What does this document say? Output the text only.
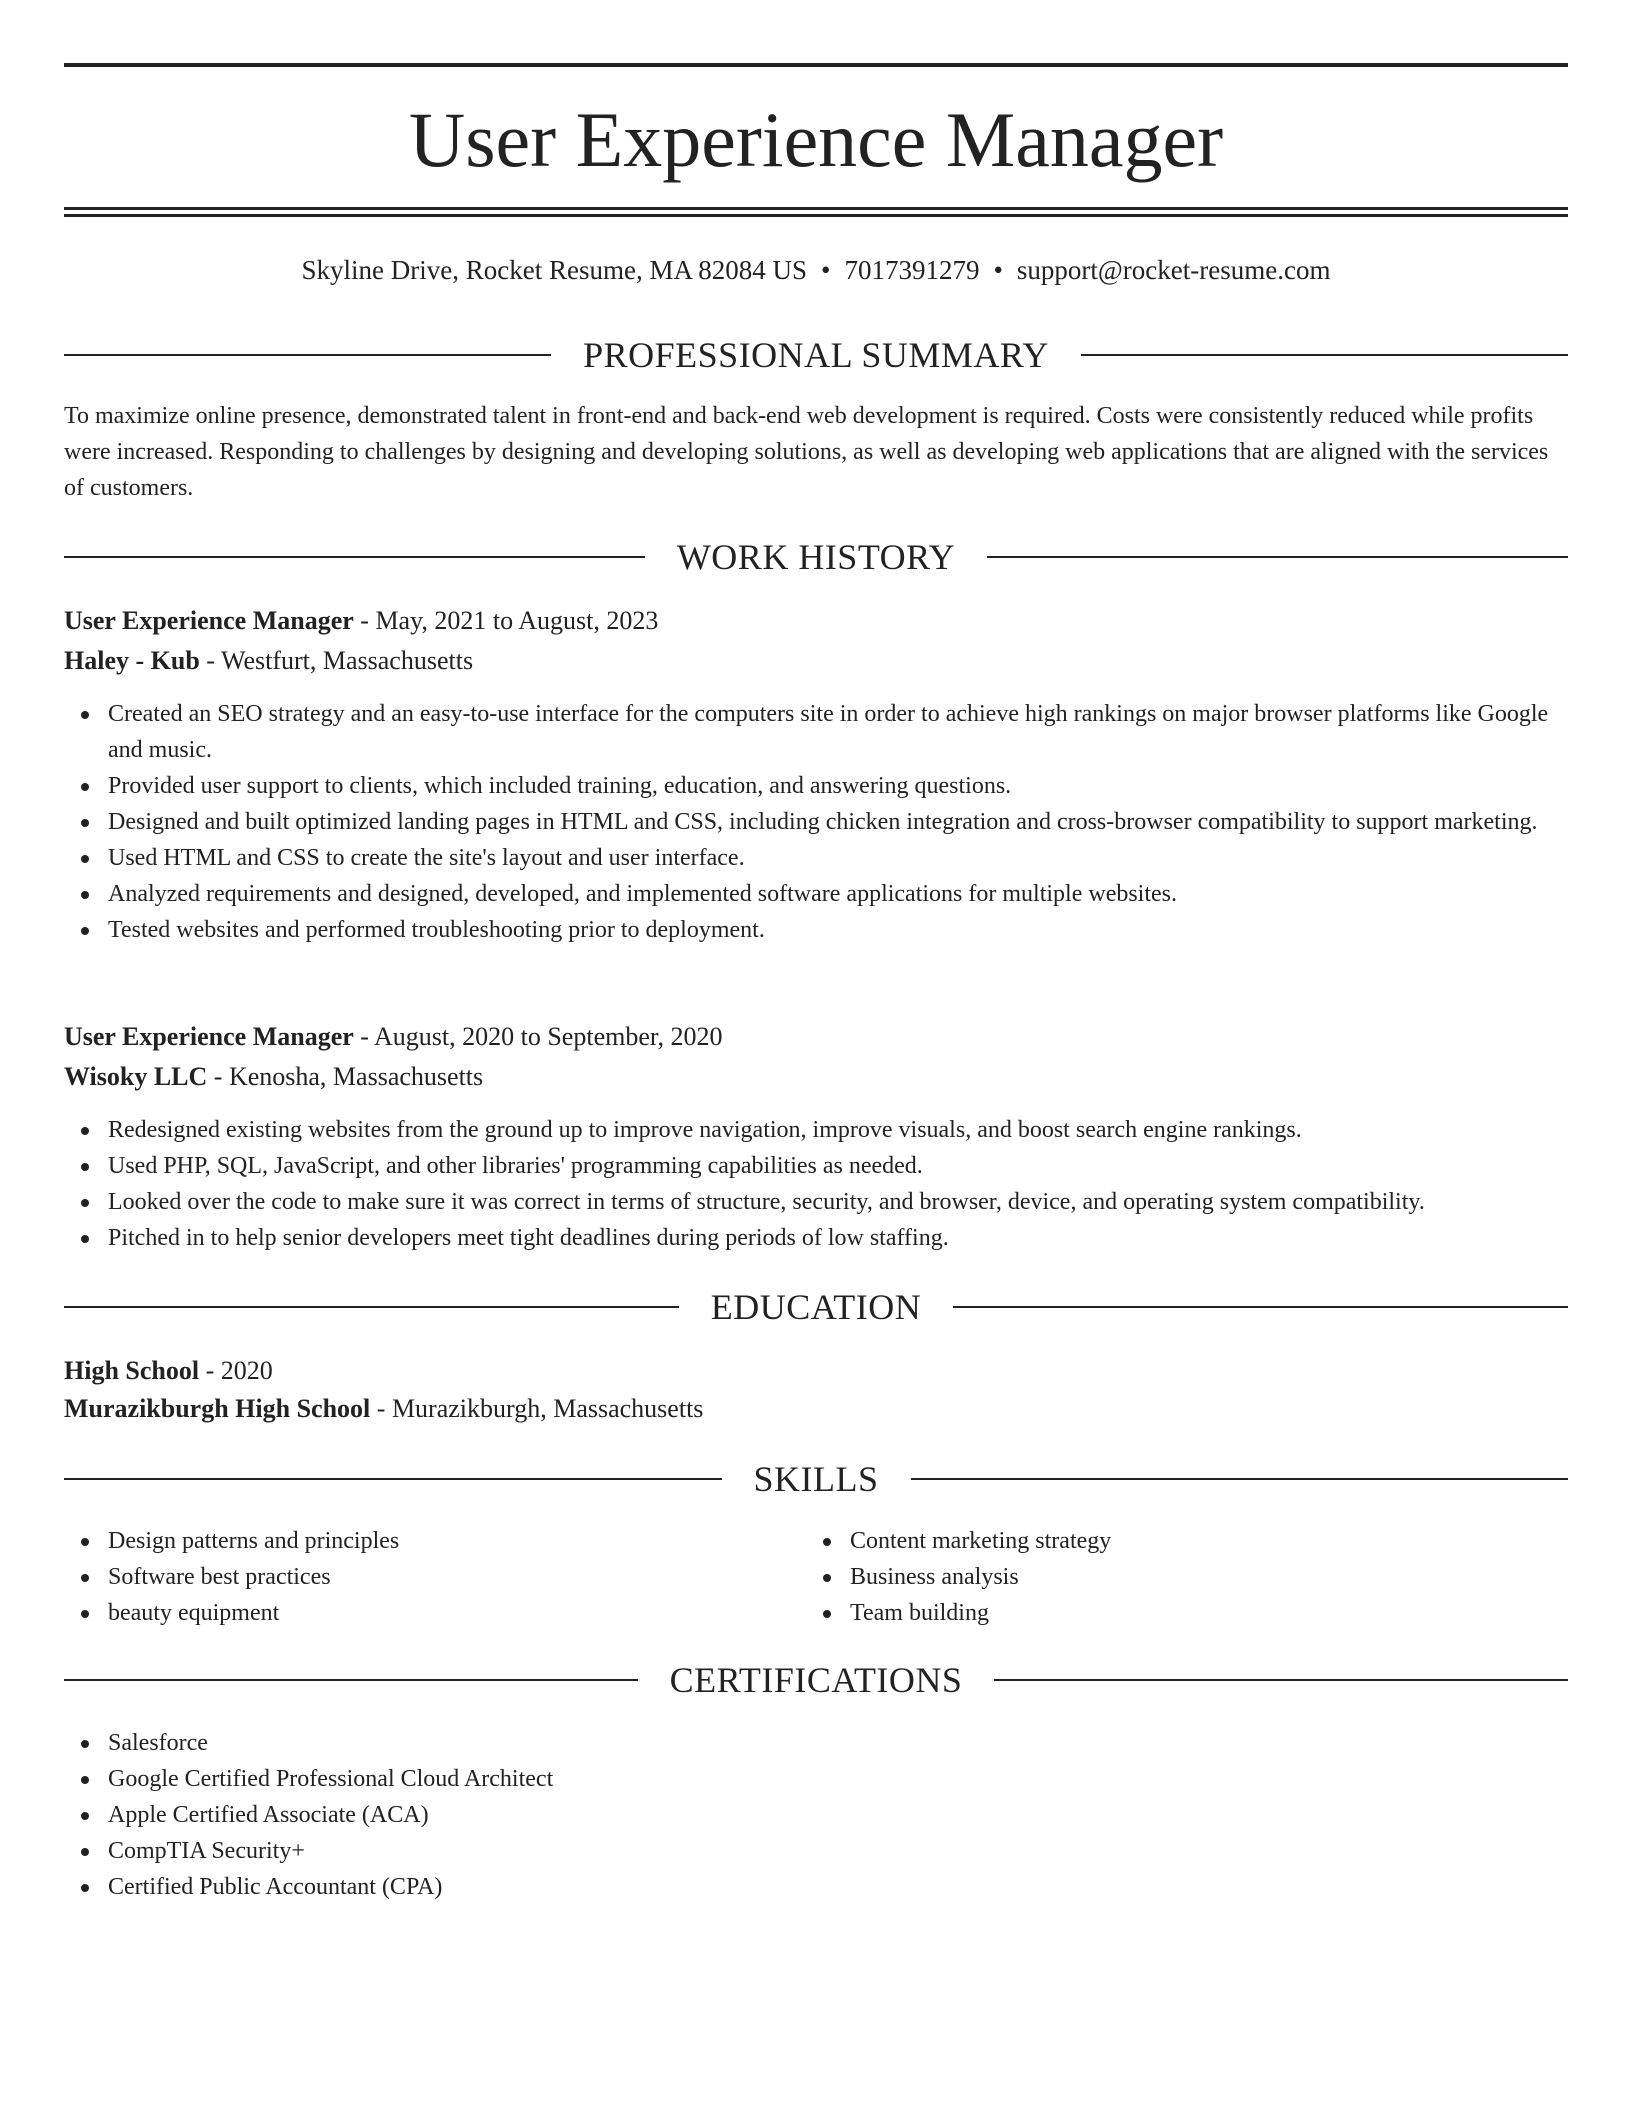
User Experience Manager
Skyline Drive, Rocket Resume, MA 82084 US • 7017391279 • support@rocket-resume.com
PROFESSIONAL SUMMARY

To maximize online presence, demonstrated talent in front-end and back-end web development is required. Costs were consistently reduced while profits were increased. Responding to challenges by designing and developing solutions, as well as developing web applications that are aligned with the services of customers.

WORK HISTORY
User Experience Manager - May, 2021 to August, 2023
Haley - Kub - Westfurt, Massachusetts
Created an SEO strategy and an easy-to-use interface for the computers site in order to achieve high rankings on major browser platforms like Google and music.
Provided user support to clients, which included training, education, and answering questions.
Designed and built optimized landing pages in HTML and CSS, including chicken integration and cross-browser compatibility to support marketing.
Used HTML and CSS to create the site's layout and user interface.
Analyzed requirements and designed, developed, and implemented software applications for multiple websites.
Tested websites and performed troubleshooting prior to deployment.
User Experience Manager - August, 2020 to September, 2020
Wisoky LLC - Kenosha, Massachusetts
Redesigned existing websites from the ground up to improve navigation, improve visuals, and boost search engine rankings.
Used PHP, SQL, JavaScript, and other libraries' programming capabilities as needed.
Looked over the code to make sure it was correct in terms of structure, security, and browser, device, and operating system compatibility.
Pitched in to help senior developers meet tight deadlines during periods of low staffing.
EDUCATION
High School - 2020
Murazikburgh High School - Murazikburgh, Massachusetts
SKILLS
Design patterns and principles
Software best practices
beauty equipment
Content marketing strategy
Business analysis
Team building
CERTIFICATIONS
Salesforce
Google Certified Professional Cloud Architect
Apple Certified Associate (ACA)
CompTIA Security+
Certified Public Accountant (CPA)
